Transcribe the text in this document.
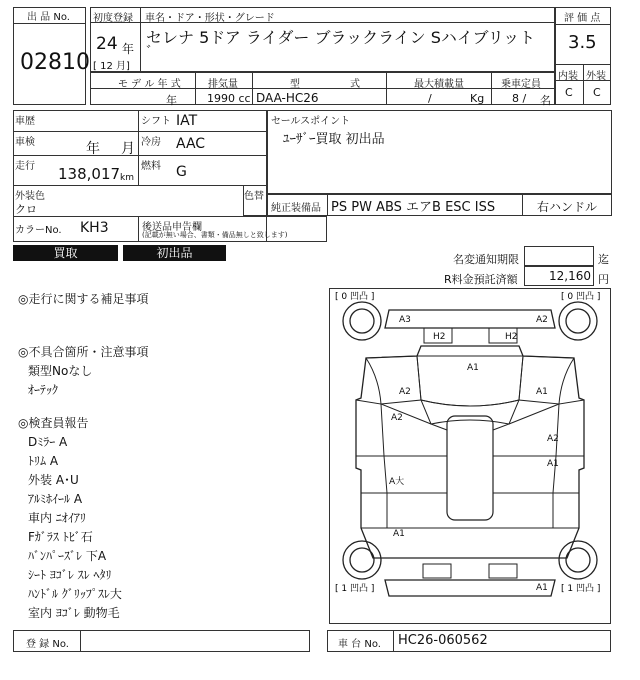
出 品 No.
02810
初度登録
24 年
[ 12 月]
車名・ドア・形状・グレード
セレナ 5ドア ライダー ブラックライン Sハイブリット
゛
評 価 点
3.5
内装 外装
C C
モ デ ル 年 式
年
排気量
1990 cc
型	式
DAA-HC26
最大積載量
/	Kg
乗車定員
8 / 名
車歴	シフト IAT
車検	年 月 冷房 AAC
走行 138,017 km
燃料 G
外装色
クロ
カラーNo. KH3	後送品申告欄
(記載が無い場合、書類・備品無しと致します)
色替
セールスポイント
ﾕｰｻﾞｰ買取 初出品
純正装備品 PS PW ABS エアB ESC ISS	右ハンドル
買取	初出品	名変通知期限	迄
R料金預託済額	12,160 円
◎走行に関する補足事項
◎不具合箇所・注意事項
類型Noなし
ｵｰﾃｯｸ
◎検査員報告
Dﾐﾗｰ A
ﾄﾘﾑ A
外装 A･U
ｱﾙﾐﾎｲｰﾙ A
車内 ﾆｵｲｱﾘ
Fｶﾞﾗｽ ﾄﾋﾞ石
ﾊﾞﾝﾊﾟｰｽﾞﾚ 下A
ｼｰﾄ ﾖｺﾞﾚ ｽﾚ ﾍﾀﾘ
ﾊﾝﾄﾞﾙ ｸﾞﾘｯﾌﾟｽﾚ大
室内 ﾖｺﾞﾚ 動物毛
[ 0 凹凸 ]	[ 0 凹凸 ]
[ 1 凹凸 ]	[ 1 凹凸 ]
A3	A2
H2	H2
A1
A2	A1
A2
A2
A1
A大
A1
A1
登 録 No.	車 台 No. HC26-060562
